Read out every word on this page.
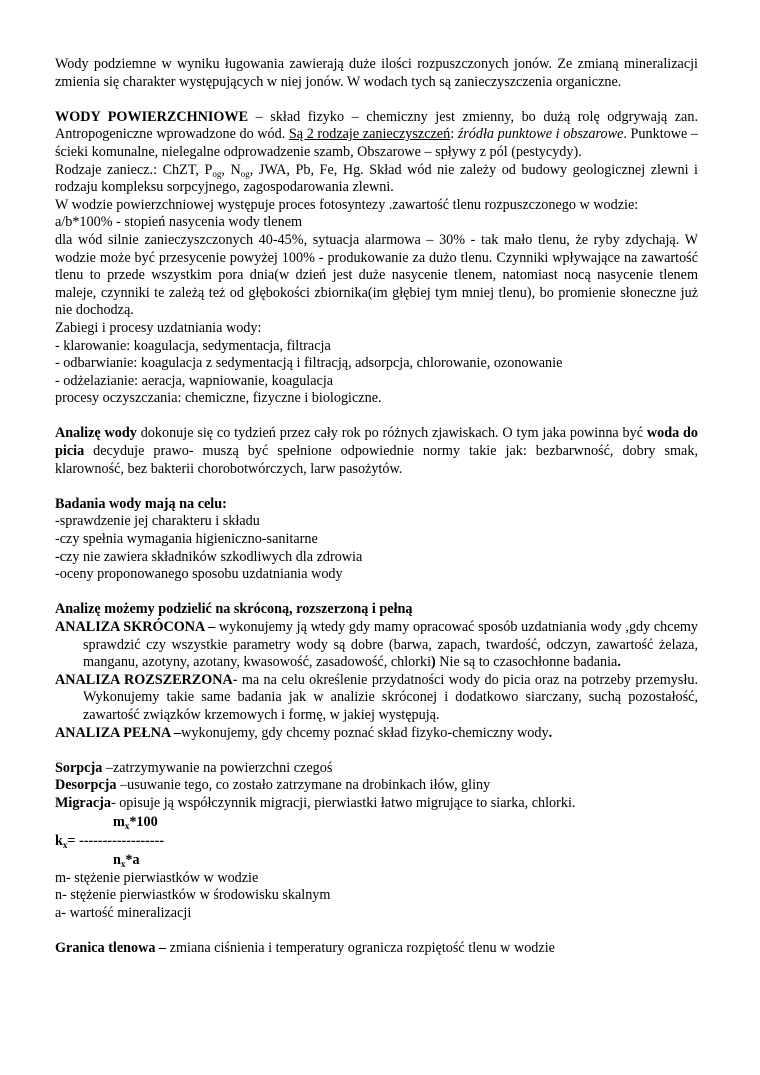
Wody podziemne w wyniku ługowania zawierają duże ilości rozpuszczonych jonów. Ze zmianą mineralizacji zmienia się charakter występujących w niej jonów. W wodach tych są zanieczyszczenia organiczne.

WODY POWIERZCHNIOWE – skład fizyko – chemiczny jest zmienny, bo dużą rolę odgrywają zan. Antropogeniczne wprowadzone do wód. Są 2 rodzaje zanieczyszczeń: źródła punktowe i obszarowe. Punktowe – ścieki komunalne, nielegalne odprowadzenie szamb, Obszarowe – spływy z pól (pestycydy).

Rodzaje zaniecz.: ChZT, $P_{og}$, $N_{og}$, JWA, Pb, Fe, Hg. Skład wód nie zależy od budowy geologicznej zlewni i rodzaju kompleksu sorpcyjnego, zagospodarowania zlewni.

W wodzie powierzchniowej występuje proces fotosyntezy .zawartość tlenu rozpuszczonego w wodzie:

a/b*100% - stopień nasycenia wody tlenem

dla wód silnie zanieczyszczonych 40-45%, sytuacja alarmowa – 30% - tak mało tlenu, że ryby zdychają. W wodzie może być przesycenie powyżej 100% - produkowanie za dużo tlenu. Czynniki wpływające na zawartość tlenu to przede wszystkim pora dnia(w dzień jest duże nasycenie tlenem, natomiast nocą nasycenie tlenem maleje, czynniki te zależą też od głębokości zbiornika(im głębiej tym mniej tlenu), bo promienie słoneczne już nie dochodzą.

Zabiegi i procesy uzdatniania wody:

- klarowanie: koagulacja, sedymentacja, filtracja

- odbarwianie: koagulacja z sedymentacją i filtracją, adsorpcja, chlorowanie, ozonowanie

- odżelazianie: aeracja, wapniowanie, koagulacja

procesy oczyszczania: chemiczne, fizyczne i biologiczne.

Analizę wody dokonuje się co tydzień przez cały rok po różnych zjawiskach. O tym jaka powinna być woda do picia decyduje prawo- muszą być spełnione odpowiednie normy takie jak: bezbarwność, dobry smak, klarowność, bez bakterii chorobotwórczych, larw pasożytów.

Badania wody mają na celu:

-sprawdzenie jej charakteru i składu

-czy spełnia wymagania higieniczno-sanitarne

-czy nie zawiera składników szkodliwych dla zdrowia

-oceny proponowanego sposobu uzdatniania wody

Analizę możemy podzielić na skróconą, rozszerzoną i pełną

ANALIZA SKRÓCONA – wykonujemy ją wtedy gdy mamy opracować sposób uzdatniania wody ,gdy chcemy sprawdzić czy wszystkie parametry wody są dobre (barwa, zapach, twardość, odczyn, zawartość żelaza, manganu, azotyny, azotany, kwasowość, zasadowość, chlorki) Nie są to czasochłonne badania.

ANALIZA ROZSZERZONA- ma na celu określenie przydatności wody do picia oraz na potrzeby przemysłu. Wykonujemy takie same badania jak w analizie skróconej i dodatkowo siarczany, suchą pozostałość, zawartość związków krzemowych i formę, w jakiej występują.

ANALIZA PEŁNA –wykonujemy, gdy chcemy poznać skład fizyko-chemiczny wody.

Sorpcja –zatrzymywanie na powierzchni czegoś

Desorpcja –usuwanie tego, co zostało zatrzymane na drobinkach iłów, gliny

Migracja- opisuje ją współczynnik migracji, pierwiastki łatwo migrujące to siarka, chlorki.

$m_x*100$

$k_x=$ ------------------

$n_x*a$

m- stężenie pierwiastków w wodzie

n- stężenie pierwiastków w środowisku skalnym

a- wartość mineralizacji

Granica tlenowa – zmiana ciśnienia i temperatury ogranicza rozpiętość tlenu w wodzie
